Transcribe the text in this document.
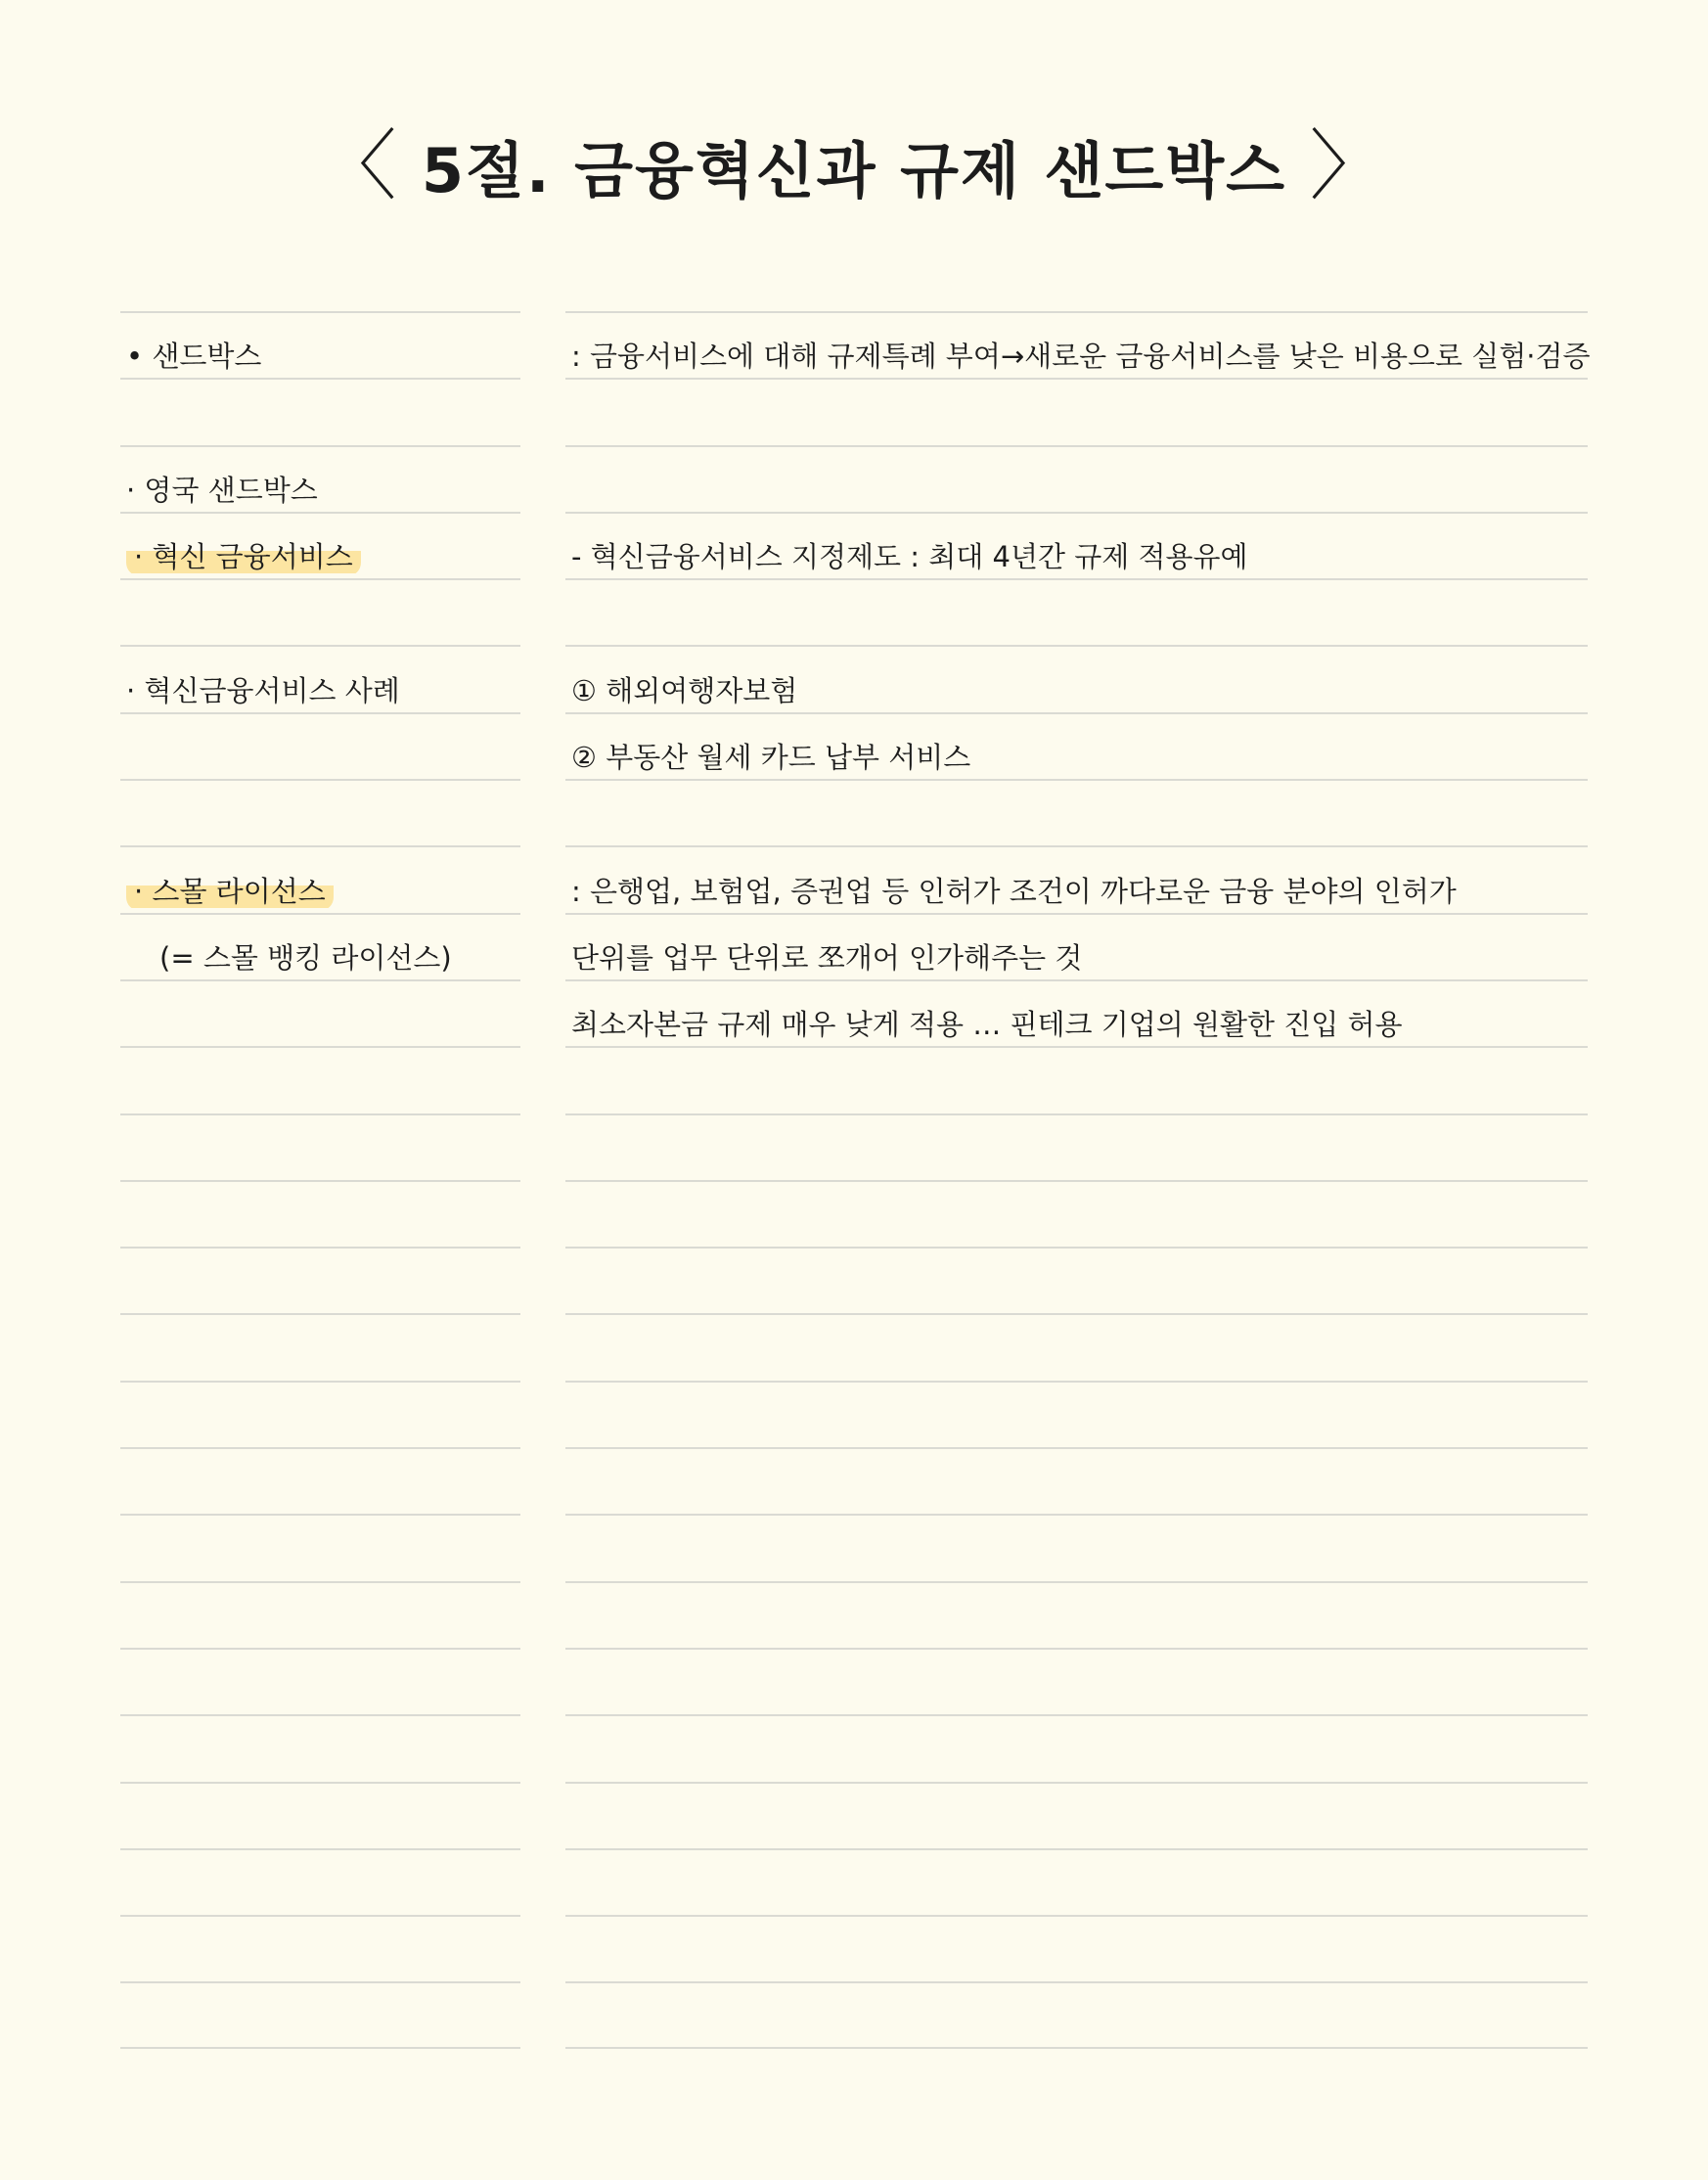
〈 5절. 금융혁신과 규제 샌드박스 〉
• 샌드박스
· 영국 샌드박스
· 혁신 금융서비스
· 혁신금융서비스 사례
· 스몰 라이선스
(= 스몰 뱅킹 라이선스)
: 금융서비스에 대해 규제특례 부여→새로운 금융서비스를 낮은 비용으로 실험·검증
- 혁신금융서비스 지정제도 : 최대 4년간 규제 적용유예
① 해외여행자보험
② 부동산 월세 카드 납부 서비스
: 은행업, 보험업, 증권업 등 인허가 조건이 까다로운 금융 분야의 인허가
단위를 업무 단위로 쪼개어 인가해주는 것
최소자본금 규제 매우 낮게 적용 … 핀테크 기업의 원활한 진입 허용
